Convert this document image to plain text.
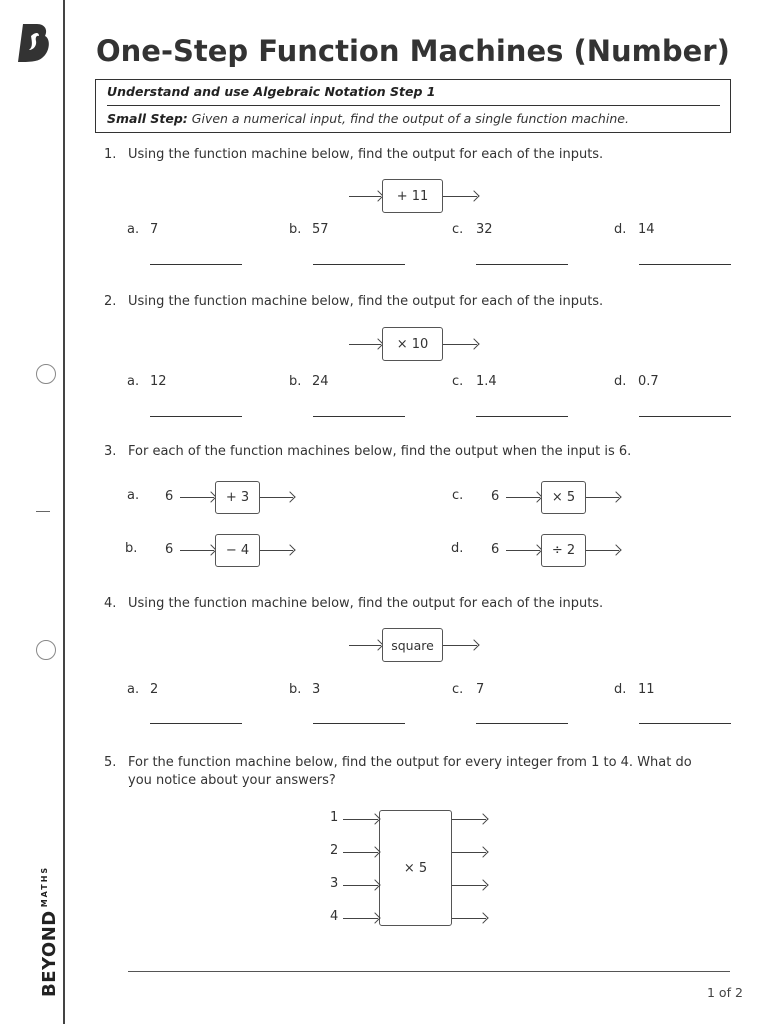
$BEYOND^{MATHS}$
One-Step Function Machines (Number)
Understand and use Algebraic Notation Step 1
Small Step: Given a numerical input, find the output of a single function machine.
1. Using the function machine below, find the output for each of the inputs.
+ 11
a. 7	b. 57	c. 32	d. 14
2. Using the function machine below, find the output for each of the inputs.
× 10
a. 12	b. 24	c. 1.4	d. 0.7
3. For each of the function machines below, find the output when the input is 6.
a. 6	+ 3
b. 6	− 4
c. 6	× 5
d. 6	÷ 2
4. Using the function machine below, find the output for each of the inputs.
square
a. 2	b. 3	c. 7	d. 11
5. For the function machine below, find the output for every integer from 1 to 4. What do
you notice about your answers?
× 5
1
2
3
4
1 of 2
